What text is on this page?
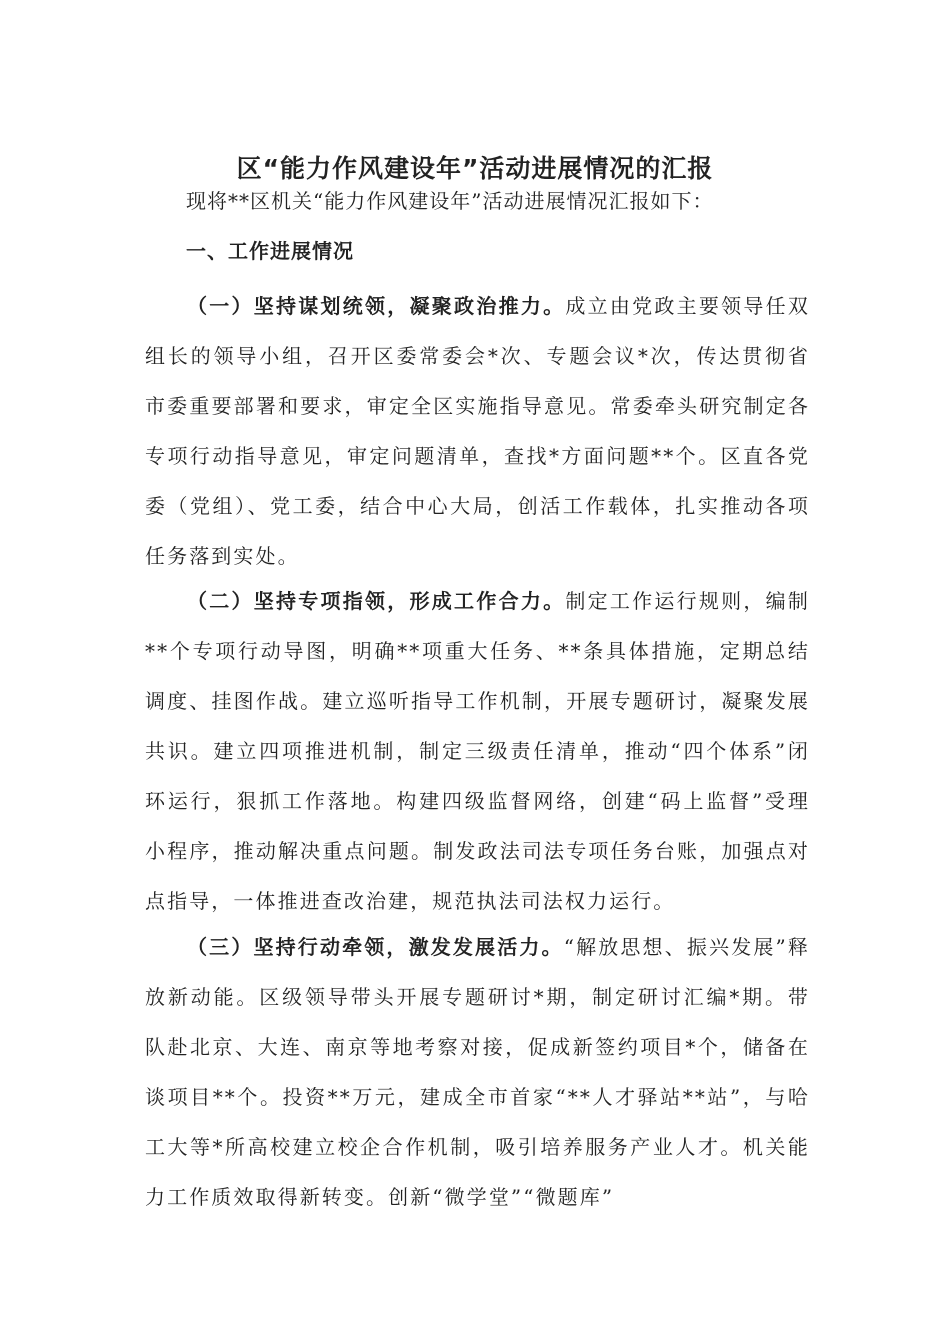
区“能力作风建设年”活动进展情况的汇报

现将**区机关“能力作风建设年”活动进展情况汇报如下：

一、工作进展情况

（一）坚持谋划统领，凝聚政治推力。成立由党政主要领导任双组长的领导小组，召开区委常委会*次、专题会议*次，传达贯彻省市委重要部署和要求，审定全区实施指导意见。常委牵头研究制定各专项行动指导意见，审定问题清单，查找*方面问题**个。区直各党委（党组）、党工委，结合中心大局，创活工作载体，扎实推动各项任务落到实处。

（二）坚持专项指领，形成工作合力。制定工作运行规则，编制**个专项行动导图，明确**项重大任务、**条具体措施，定期总结调度、挂图作战。建立巡听指导工作机制，开展专题研讨，凝聚发展共识。建立四项推进机制，制定三级责任清单，推动“四个体系”闭环运行，狠抓工作落地。构建四级监督网络，创建“码上监督”受理小程序，推动解决重点问题。制发政法司法专项任务台账，加强点对点指导，一体推进查改治建，规范执法司法权力运行。

（三）坚持行动牵领，激发发展活力。“解放思想、振兴发展”释放新动能。区级领导带头开展专题研讨*期，制定研讨汇编*期。带队赴北京、大连、南京等地考察对接，促成新签约项目*个，储备在谈项目**个。投资**万元，建成全市首家“**人才驿站**站”，与哈工大等*所高校建立校企合作机制，吸引培养服务产业人才。机关能力工作质效取得新转变。创新“微学堂”“微题库”
